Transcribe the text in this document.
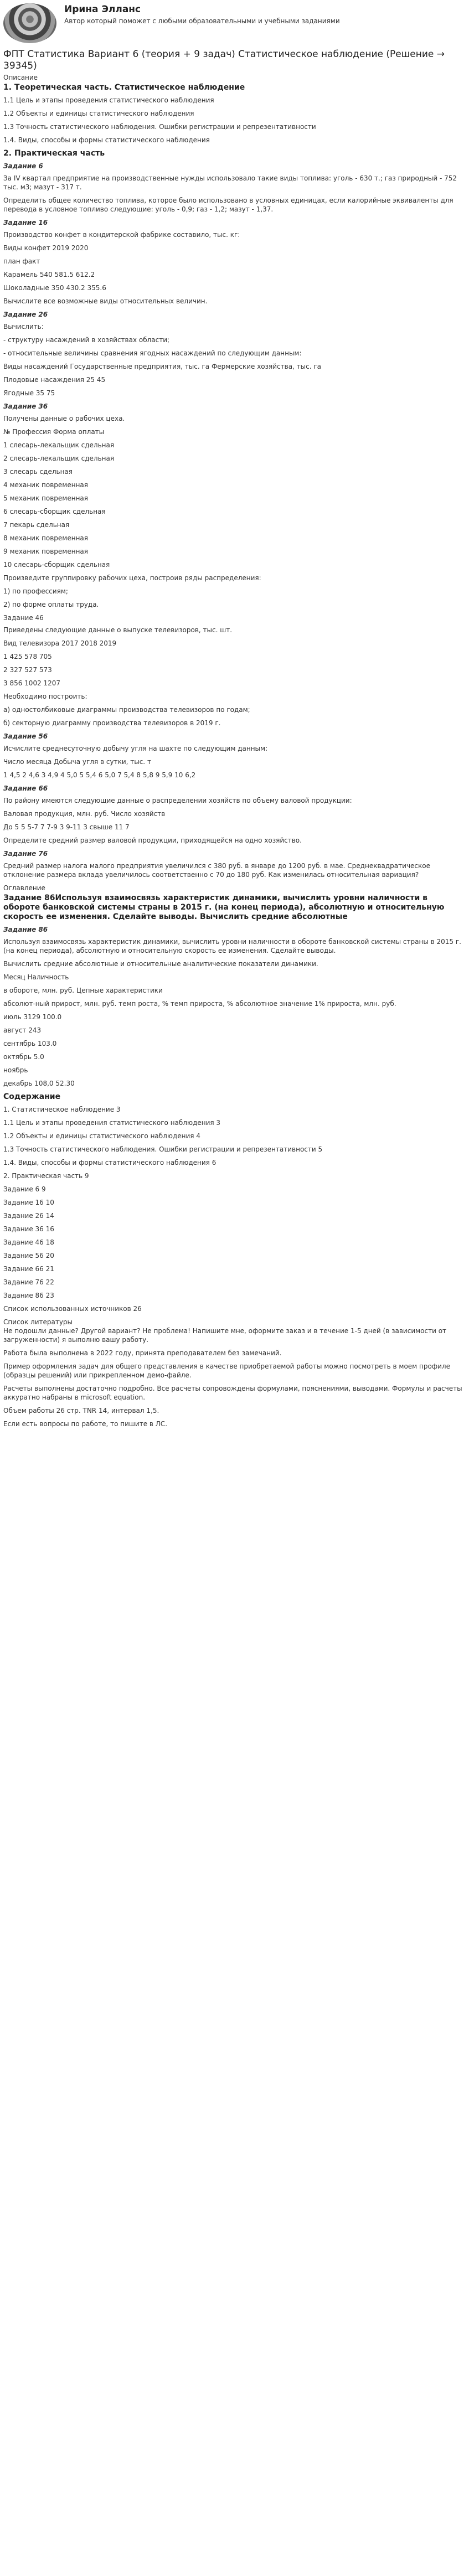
Ирина Элланс
Автор который поможет с любыми образовательными и учебными заданиями
ФПТ Статистика Вариант 6 (теория + 9 задач) Статистическое наблюдение (Решение → 39345)
Описание
1. Теоретическая часть. Статистическое наблюдение

1.1 Цель и этапы проведения статистического наблюдения

1.2 Объекты и единицы статистического наблюдения

1.3 Точность статистического наблюдения. Ошибки регистрации и репрезентативности

1.4. Виды, способы и формы статистического наблюдения

2. Практическая часть
Задание 6

За IV квартал предприятие на производственные нужды использовало такие виды топлива: уголь - 630 т.; газ природный - 752 тыс. м3; мазут - 317 т.

Определить общее количество топлива, которое было использовано в условных единицах, если калорийные эквиваленты для перевода в условное топливо следующие: уголь - 0,9; газ - 1,2; мазут - 1,37.

Задание 16

Производство конфет в кондитерской фабрике составило, тыс. кг:

Виды конфет 2019 2020

план факт

Карамель 540 581.5 612.2

Шоколадные 350 430.2 355.6

Вычислите все возможные виды относительных величин.

Задание 26

Вычислить:

- структуру насаждений в хозяйствах области;

- относительные величины сравнения ягодных насаждений по следующим данным:

Виды насаждений Государственные предприятия, тыс. га Фермерские хозяйства, тыс. га

Плодовые насаждения 25 45

Ягодные 35 75

Задание 36

Получены данные о рабочих цеха.

№ Профессия Форма оплаты

1 слесарь-лекальщик сдельная

2 слесарь-лекальщик сдельная

3 слесарь сдельная

4 механик повременная

5 механик повременная

6 слесарь-сборщик сдельная

7 пекарь сдельная

8 механик повременная

9 механик повременная

10 слесарь-сборщик сдельная

Произведите группировку рабочих цеха, построив ряды распределения:

1) по профессиям;

2) по форме оплаты труда.

Задание 46

Приведены следующие данные о выпуске телевизоров, тыс. шт.

Вид телевизора 2017 2018 2019

1 425 578 705

2 327 527 573

3 856 1002 1207

Необходимо построить:

а) одностолбиковые диаграммы производства телевизоров по годам;

б) секторную диаграмму производства телевизоров в 2019 г.

Задание 56

Исчислите среднесуточную добычу угля на шахте по следующим данным:

Число месяца Добыча угля в сутки, тыс. т

1 4,5 2 4,6 3 4,9 4 5,0 5 5,4 6 5,0 7 5,4 8 5,8 9 5,9 10 6,2

Задание 66

По району имеются следующие данные о распределении хозяйств по объему валовой продукции:

Валовая продукция, млн. руб. Число хозяйств

До 5 5 5-7 7 7-9 3 9-11 3 свыше 11 7

Определите средний размер валовой продукции, приходящейся на одно хозяйство.

Задание 76

Средний размер налога малого предприятия увеличился с 380 руб. в январе до 1200 руб. в мае. Среднеквадратическое отклонение размера вклада увеличилось соответственно с 70 до 180 руб. Как изменилась относительная вариация?

Оглавление
Задание 86Используя взаимосвязь характеристик динамики, вычислить уровни наличности в обороте банковской системы страны в 2015 г. (на конец периода), абсолютную и относительную скорость ее изменения. Сделайте выводы. Вычислить средние абсолютные
Задание 86

Используя взаимосвязь характеристик динамики, вычислить уровни наличности в обороте банковской системы страны в 2015 г. (на конец периода), абсолютную и относительную скорость ее изменения. Сделайте выводы.

Вычислить средние абсолютные и относительные аналитические показатели динамики.

Месяц Наличность

в обороте, млн. руб. Цепные характеристики

абсолют-ный прирост, млн. руб. темп роста, % темп прироста, % абсолютное значение 1% прироста, млн. руб.

июль 3129 100.0

август 243

сентябрь 103.0

октябрь 5.0

ноябрь

декабрь 108,0 52.30

Содержание

1. Статистическое наблюдение 3

1.1 Цель и этапы проведения статистического наблюдения 3

1.2 Объекты и единицы статистического наблюдения 4

1.3 Точность статистического наблюдения. Ошибки регистрации и репрезентативности 5

1.4. Виды, способы и формы статистического наблюдения 6

2. Практическая часть 9

Задание 6 9

Задание 16 10

Задание 26 14

Задание 36 16

Задание 46 18

Задание 56 20

Задание 66 21

Задание 76 22

Задание 86 23

Список использованных источников 26

Список литературы

Не подошли данные? Другой вариант? Не проблема! Напишите мне, оформите заказ и в течение 1-5 дней (в зависимости от загруженности) я выполню вашу работу.

Работа была выполнена в 2022 году, принята преподавателем без замечаний.

Пример оформления задач для общего представления в качестве приобретаемой работы можно посмотреть в моем профиле (образцы решений) или прикрепленном демо-файле.

Расчеты выполнены достаточно подробно. Все расчеты сопровождены формулами, пояснениями, выводами. Формулы и расчеты аккуратно набраны в microsoft equation.

Объем работы 26 стр. TNR 14, интервал 1,5.

Если есть вопросы по работе, то пишите в ЛС.
